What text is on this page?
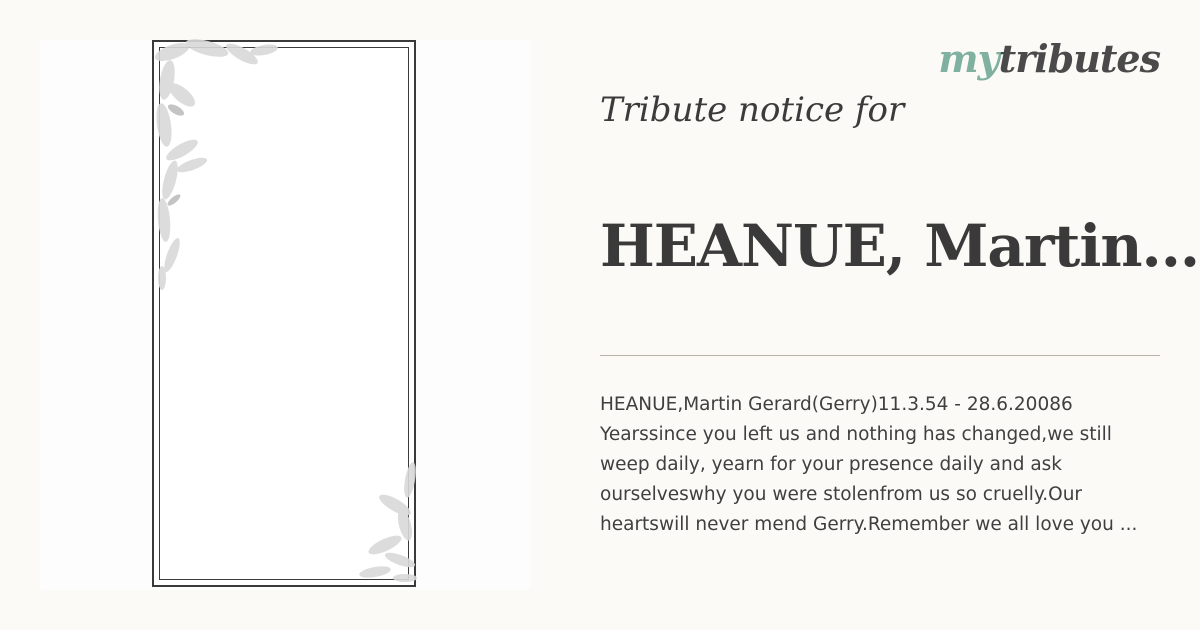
mytributes
Tribute notice for
HEANUE, Martin...
HEANUE,Martin Gerard(Gerry)11.3.54 - 28.6.20086 Yearssince you left us and nothing has changed,we still weep daily, yearn for your presence daily and ask ourselveswhy you were stolenfrom us so cruelly.Our heartswill never mend Gerry.Remember we all love you ...
